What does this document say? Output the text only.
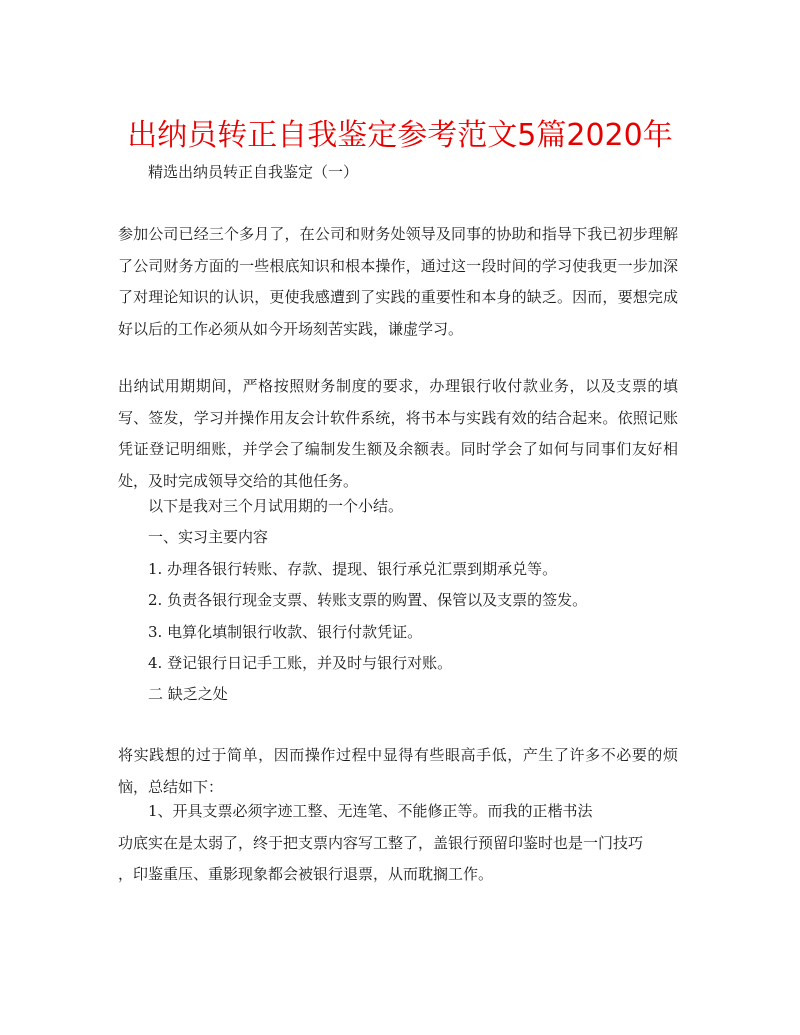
出纳员转正自我鉴定参考范文5篇2020年
精选出纳员转正自我鉴定（一）
参加公司已经三个多月了，在公司和财务处领导及同事的协助和指导下我已初步理解了公司财务方面的一些根底知识和根本操作，通过这一段时间的学习使我更一步加深了对理论知识的认识，更使我感遭到了实践的重要性和本身的缺乏。因而，要想完成好以后的工作必须从如今开场刻苦实践，谦虚学习。
出纳试用期期间，严格按照财务制度的要求，办理银行收付款业务，以及支票的填写、签发，学习并操作用友会计软件系统，将书本与实践有效的结合起来。依照记账凭证登记明细账，并学会了编制发生额及余额表。同时学会了如何与同事们友好相处，及时完成领导交给的其他任务。
以下是我对三个月试用期的一个小结。
一、实习主要内容
1. 办理各银行转账、存款、提现、银行承兑汇票到期承兑等。
2. 负责各银行现金支票、转账支票的购置、保管以及支票的签发。
3. 电算化填制银行收款、银行付款凭证。
4. 登记银行日记手工账，并及时与银行对账。
二 缺乏之处
将实践想的过于简单，因而操作过程中显得有些眼高手低，产生了许多不必要的烦恼，总结如下：
1、开具支票必须字迹工整、无连笔、不能修正等。而我的正楷书法
功底实在是太弱了，终于把支票内容写工整了，盖银行预留印鉴时也是一门技巧
，印鉴重压、重影现象都会被银行退票，从而耽搁工作。
